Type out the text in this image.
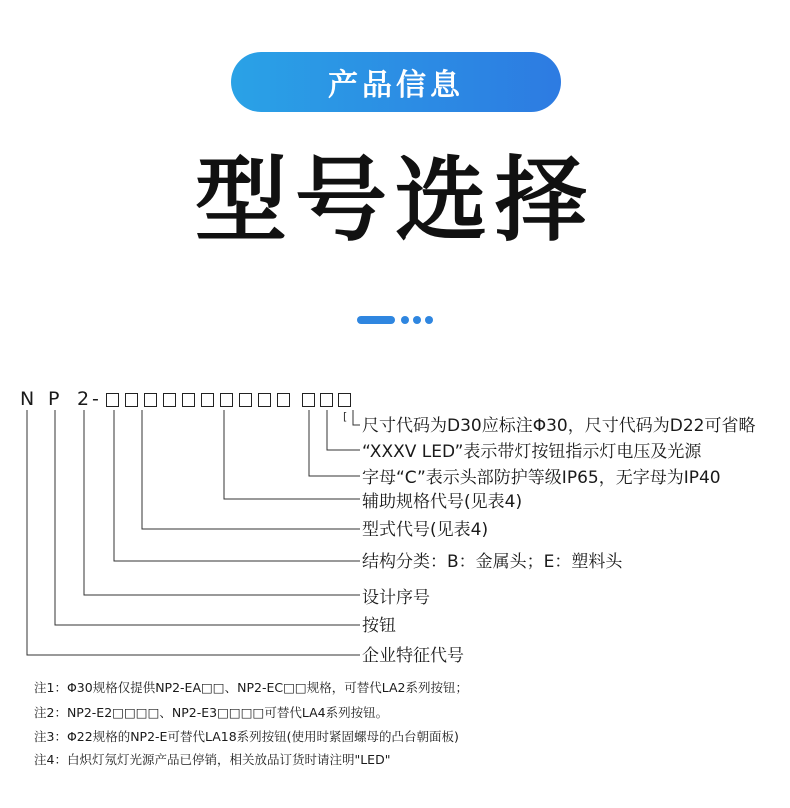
产品信息
型号选择
N P 2 -
[ 尺寸代码为D30应标注Φ30，尺寸代码为D22可省略
“XXXV LED”表示带灯按钮指示灯电压及光源
字母“C”表示头部防护等级IP65，无字母为IP40
辅助规格代号(见表4)
型式代号(见表4)
结构分类：B：金属头；E：塑料头
设计序号
按钮
企业特征代号
注1：Φ30规格仅提供NP2-EA□□、NP2-EC□□规格，可替代LA2系列按钮；
注2：NP2-E2□□□□、NP2-E3□□□□可替代LA4系列按钮。
注3：Φ22规格的NP2-E可替代LA18系列按钮(使用时紧固螺母的凸台朝面板)
注4：白炽灯氖灯光源产品已停销，相关放品订货时请注明"LED"
